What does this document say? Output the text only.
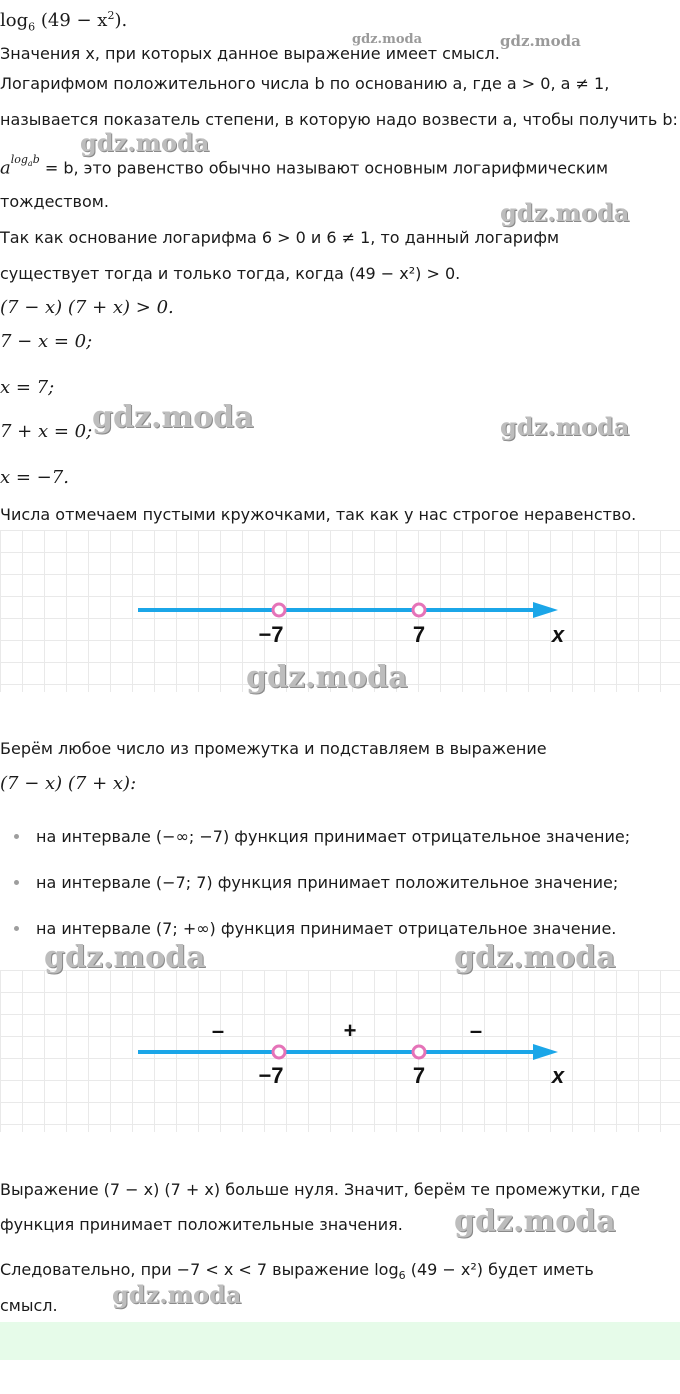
$\log_6 (49 - x^2)$.
Значения x, при которых данное выражение имеет смысл.
Логарифмом положительного числа b по основанию a, где a > 0, a ≠ 1,
называется показатель степени, в которую надо возвести a, чтобы получить b:
$a^{log_ab} = b$, это равенство обычно называют основным логарифмическим
тождеством.
Так как основание логарифма 6 > 0 и 6 ≠ 1, то данный логарифм
существует тогда и только тогда, когда (49 − x²) > 0.
(7 − x) (7 + x) > 0.
7 − x = 0;
x = 7;
7 + x = 0;
x = −7.
Числа отмечаем пустыми кружочками, так как у нас строгое неравенство.
−7	7	x
Берём любое число из промежутка и подставляем в выражение
(7 − x) (7 + x):
на интервале (−∞; −7) функция принимает отрицательное значение;
на интервале (−7; 7) функция принимает положительное значение;
на интервале (7; +∞) функция принимает отрицательное значение.
–	+	–
−7	7	x
Выражение (7 − x) (7 + x) больше нуля. Значит, берём те промежутки, где
функция принимает положительные значения.
Следовательно, при −7 < x < 7 выражение $\log_6 (49 - x^2)$ будет иметь
смысл.
gdz.moda	gdz.moda
gdz.moda
gdz.moda
gdz.moda	gdz.moda
gdz.moda
gdz.moda	gdz.moda
gdz.moda
gdz.moda
